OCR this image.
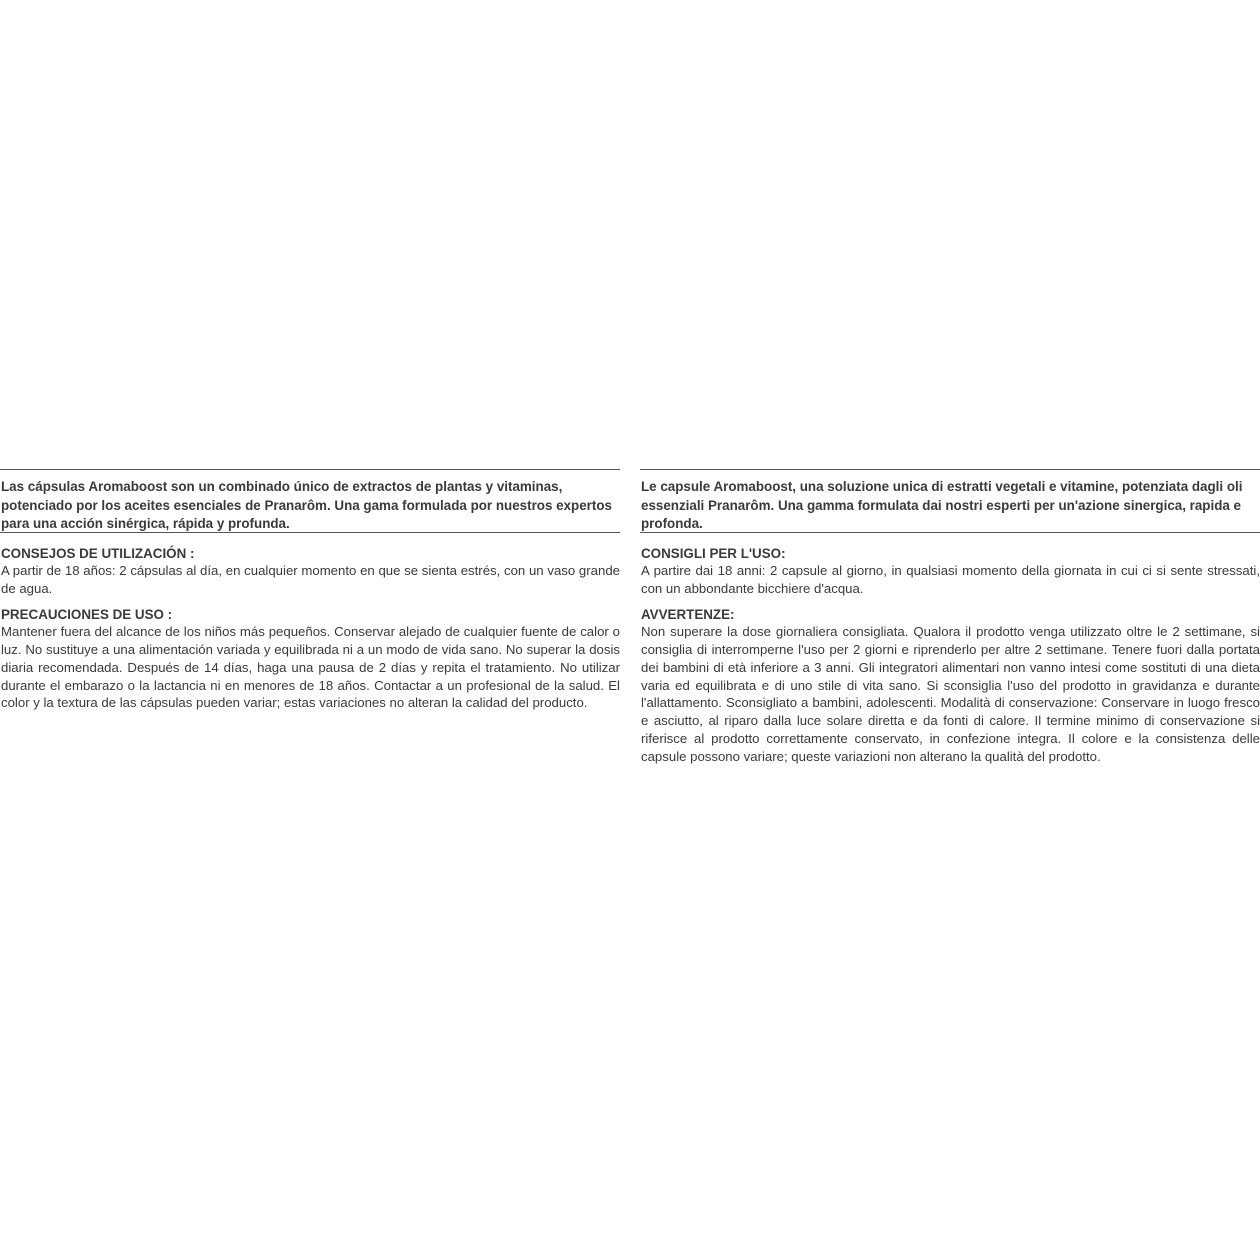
Las cápsulas Aromaboost son un combinado único de extractos de plantas y vitaminas, potenciado por los aceites esenciales de Pranarôm. Una gama formulada por nuestros expertos para una acción sinérgica, rápida y profunda.
CONSEJOS DE UTILIZACIÓN :
A partir de 18 años: 2 cápsulas al día, en cualquier momento en que se sienta estrés, con un vaso grande de agua.
PRECAUCIONES DE USO :
Mantener fuera del alcance de los niños más pequeños. Conservar alejado de cualquier fuente de calor o luz. No sustituye a una alimentación variada y equilibrada ni a un modo de vida sano. No superar la dosis diaria recomendada. Después de 14 días, haga una pausa de 2 días y repita el tratamiento. No utilizar durante el embarazo o la lactancia ni en menores de 18 años. Contactar a un profesional de la salud. El color y la textura de las cápsulas pueden variar; estas variaciones no alteran la calidad del producto.
Le capsule Aromaboost, una soluzione unica di estratti vegetali e vitamine, potenziata dagli oli essenziali Pranarôm. Una gamma formulata dai nostri esperti per un'azione sinergica, rapida e profonda.
CONSIGLI PER L'USO:
A partire dai 18 anni: 2 capsule al giorno, in qualsiasi momento della giornata in cui ci si sente stressati, con un abbondante bicchiere d'acqua.
AVVERTENZE:
Non superare la dose giornaliera consigliata. Qualora il prodotto venga utilizzato oltre le 2 settimane, si consiglia di interromperne l'uso per 2 giorni e riprenderlo per altre 2 settimane. Tenere fuori dalla portata dei bambini di età inferiore a 3 anni. Gli integratori alimentari non vanno intesi come sostituti di una dieta varia ed equilibrata e di uno stile di vita sano. Si sconsiglia l'uso del prodotto in gravidanza e durante l'allattamento. Sconsigliato a bambini, adolescenti. Modalità di conservazione: Conservare in luogo fresco e asciutto, al riparo dalla luce solare diretta e da fonti di calore. Il termine minimo di conservazione si riferisce al prodotto correttamente conservato, in confezione integra. Il colore e la consistenza delle capsule possono variare; queste variazioni non alterano la qualità del prodotto.
